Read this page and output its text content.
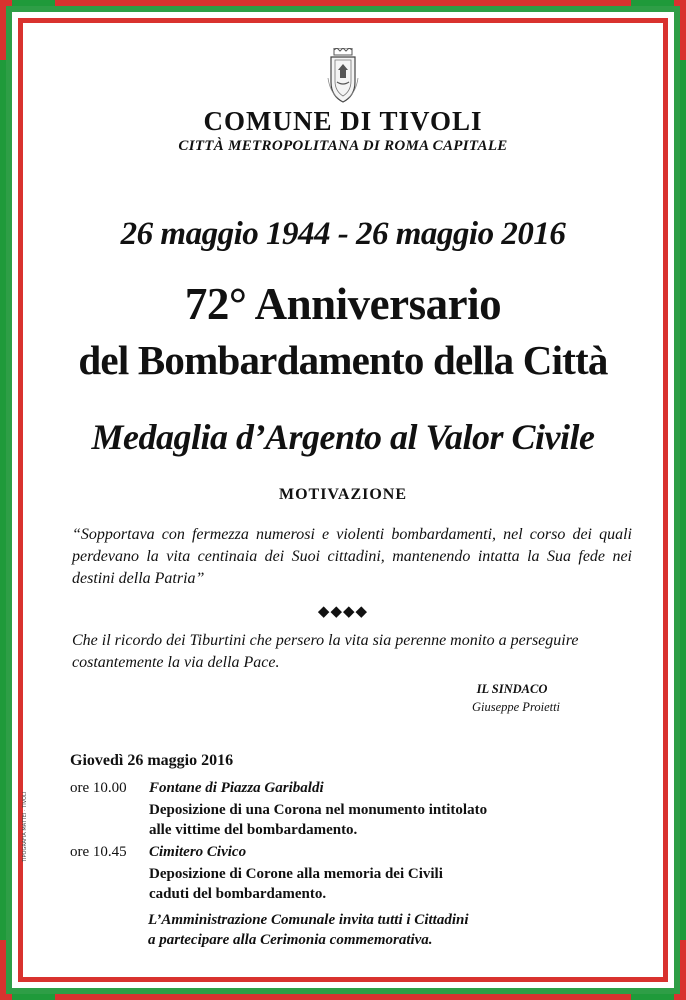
TIPOGRAFIA MATTEI · TIVOLI
COMUNE DI TIVOLI
CITTÀ METROPOLITANA DI ROMA CAPITALE
26 maggio 1944 - 26 maggio 2016
72° Anniversario
del Bombardamento della Città
Medaglia d’Argento al Valor Civile
MOTIVAZIONE
“Sopportava con fermezza numerosi e violenti bombardamenti, nel corso dei quali perdevano la vita centinaia dei Suoi cittadini, mantenendo intatta la Sua fede nei destini della Patria”
◆◆◆◆
Che il ricordo dei Tiburtini che persero la vita sia perenne monito a perseguire costantemente la via della Pace.
IL SINDACO
Giuseppe Proietti
Giovedì 26 maggio 2016
ore 10.00 Fontane di Piazza Garibaldi
Deposizione di una Corona nel monumento intitolato
alle vittime del bombardamento.
ore 10.45 Cimitero Civico
Deposizione di Corone alla memoria dei Civili
caduti del bombardamento.
L’Amministrazione Comunale invita tutti i Cittadini
a partecipare alla Cerimonia commemorativa.
